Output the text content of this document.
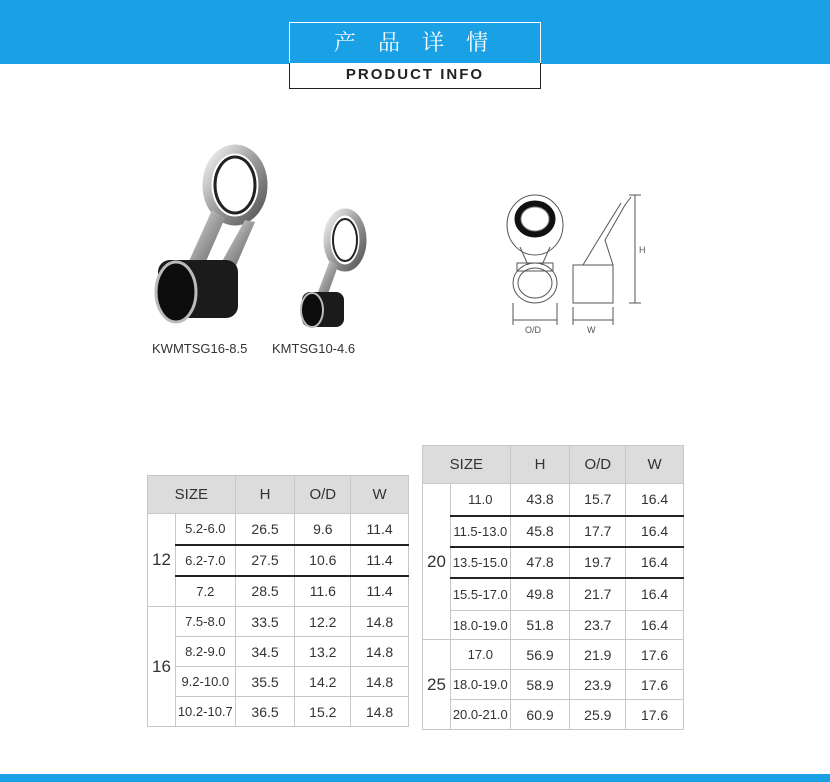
产 品 详 情
PRODUCT INFO
KWMTSG16-8.5 KMTSG10-4.6
H
O/D	W
SIZE		H	O/D	W
12	5.2-6.0	26.5	9.6	11.4
	6.2-7.0	27.5	10.6	11.4
	7.2	28.5	11.6	11.4
16	7.5-8.0	33.5	12.2	14.8
	8.2-9.0	34.5	13.2	14.8
	9.2-10.0	35.5	14.2	14.8
	10.2-10.7	36.5	15.2	14.8
SIZE		H	O/D	W
20	11.0	43.8	15.7	16.4
	11.5-13.0	45.8	17.7	16.4
	13.5-15.0	47.8	19.7	16.4
	15.5-17.0	49.8	21.7	16.4
	18.0-19.0	51.8	23.7	16.4
25	17.0	56.9	21.9	17.6
	18.0-19.0	58.9	23.9	17.6
	20.0-21.0	60.9	25.9	17.6
